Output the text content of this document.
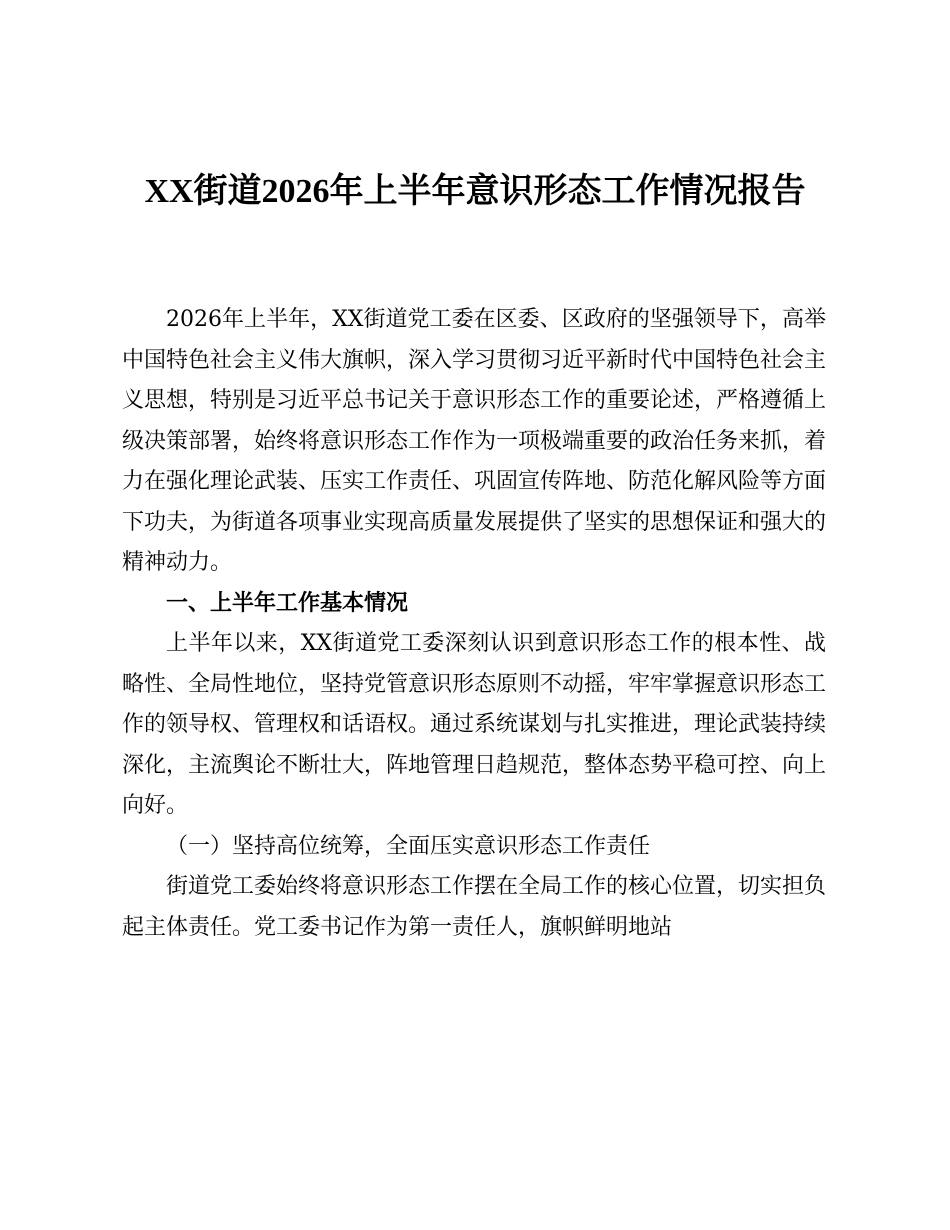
XX街道2026年上半年意识形态工作情况报告

2026年上半年，XX街道党工委在区委、区政府的坚强领导下，高举中国特色社会主义伟大旗帜，深入学习贯彻习近平新时代中国特色社会主义思想，特别是习近平总书记关于意识形态工作的重要论述，严格遵循上级决策部署，始终将意识形态工作作为一项极端重要的政治任务来抓，着力在强化理论武装、压实工作责任、巩固宣传阵地、防范化解风险等方面下功夫，为街道各项事业实现高质量发展提供了坚实的思想保证和强大的精神动力。

一、上半年工作基本情况

上半年以来，XX街道党工委深刻认识到意识形态工作的根本性、战略性、全局性地位，坚持党管意识形态原则不动摇，牢牢掌握意识形态工作的领导权、管理权和话语权。通过系统谋划与扎实推进，理论武装持续深化，主流舆论不断壮大，阵地管理日趋规范，整体态势平稳可控、向上向好。

（一）坚持高位统筹，全面压实意识形态工作责任

街道党工委始终将意识形态工作摆在全局工作的核心位置，切实担负起主体责任。党工委书记作为第一责任人，旗帜鲜明地站
